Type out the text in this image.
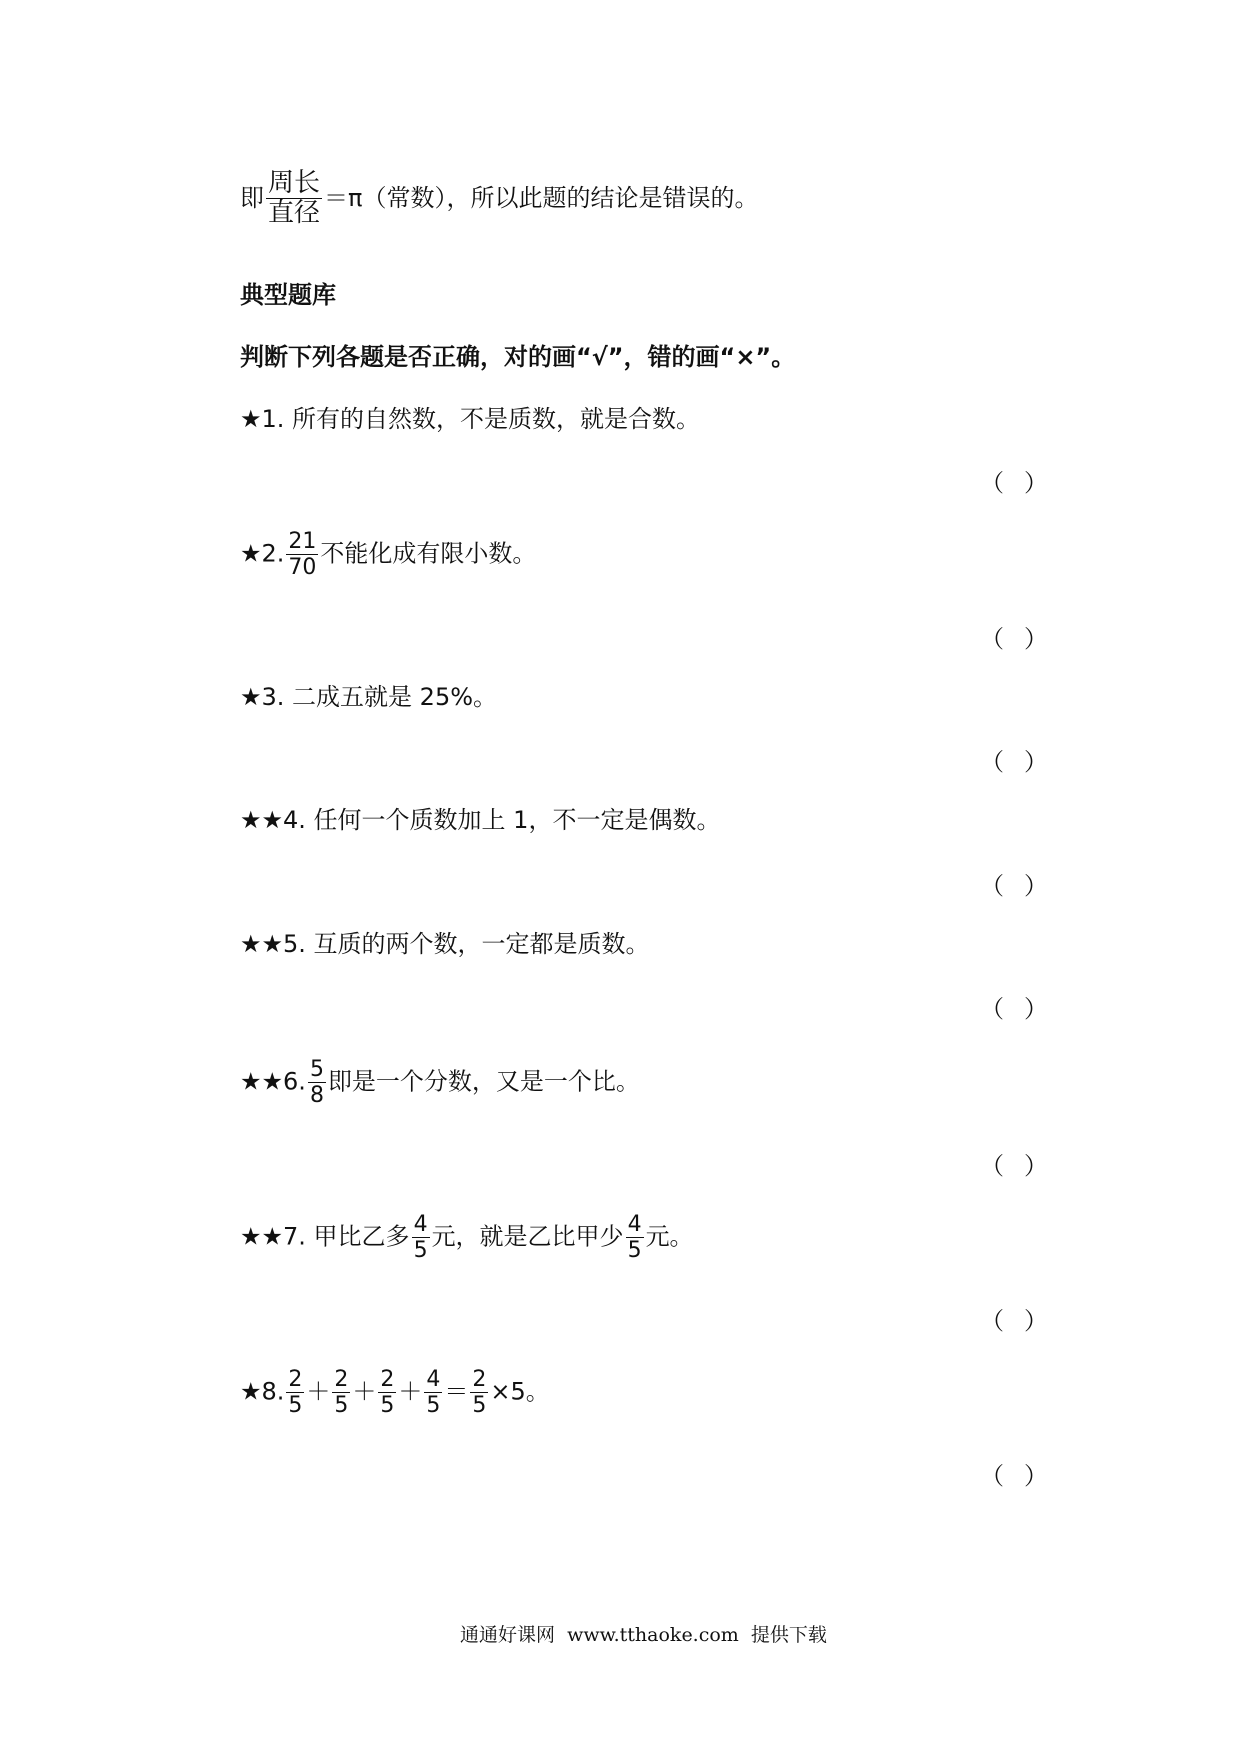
即 $\frac{\text{周长}}{\text{直径}} =\pi$（常数），所以此题的结论是错误的。
典型题库
判断下列各题是否正确，对的画“√”，错的画“×”。
★1. 所有的自然数，不是质数，就是合数。
（ ）
★2. $\frac{21}{70}$ 不能化成有限小数。
（ ）
★3. 二成五就是 25%。
（ ）
★★4. 任何一个质数加上 1，不一定是偶数。
（ ）
★★5. 互质的两个数，一定都是质数。
（ ）
★★6. $\frac{5}{8}$ 即是一个分数，又是一个比。
（ ）
★★7. 甲比乙多 $\frac{4}{5}$ 元，就是乙比甲少 $\frac{4}{5}$ 元。
（ ）
★8. $\frac{2}{5} + \frac{2}{5} + \frac{2}{5} + \frac{4}{5} = \frac{2}{5} \times 5$。
（ ）
通通好课网  www.tthaoke.com  提供下载
